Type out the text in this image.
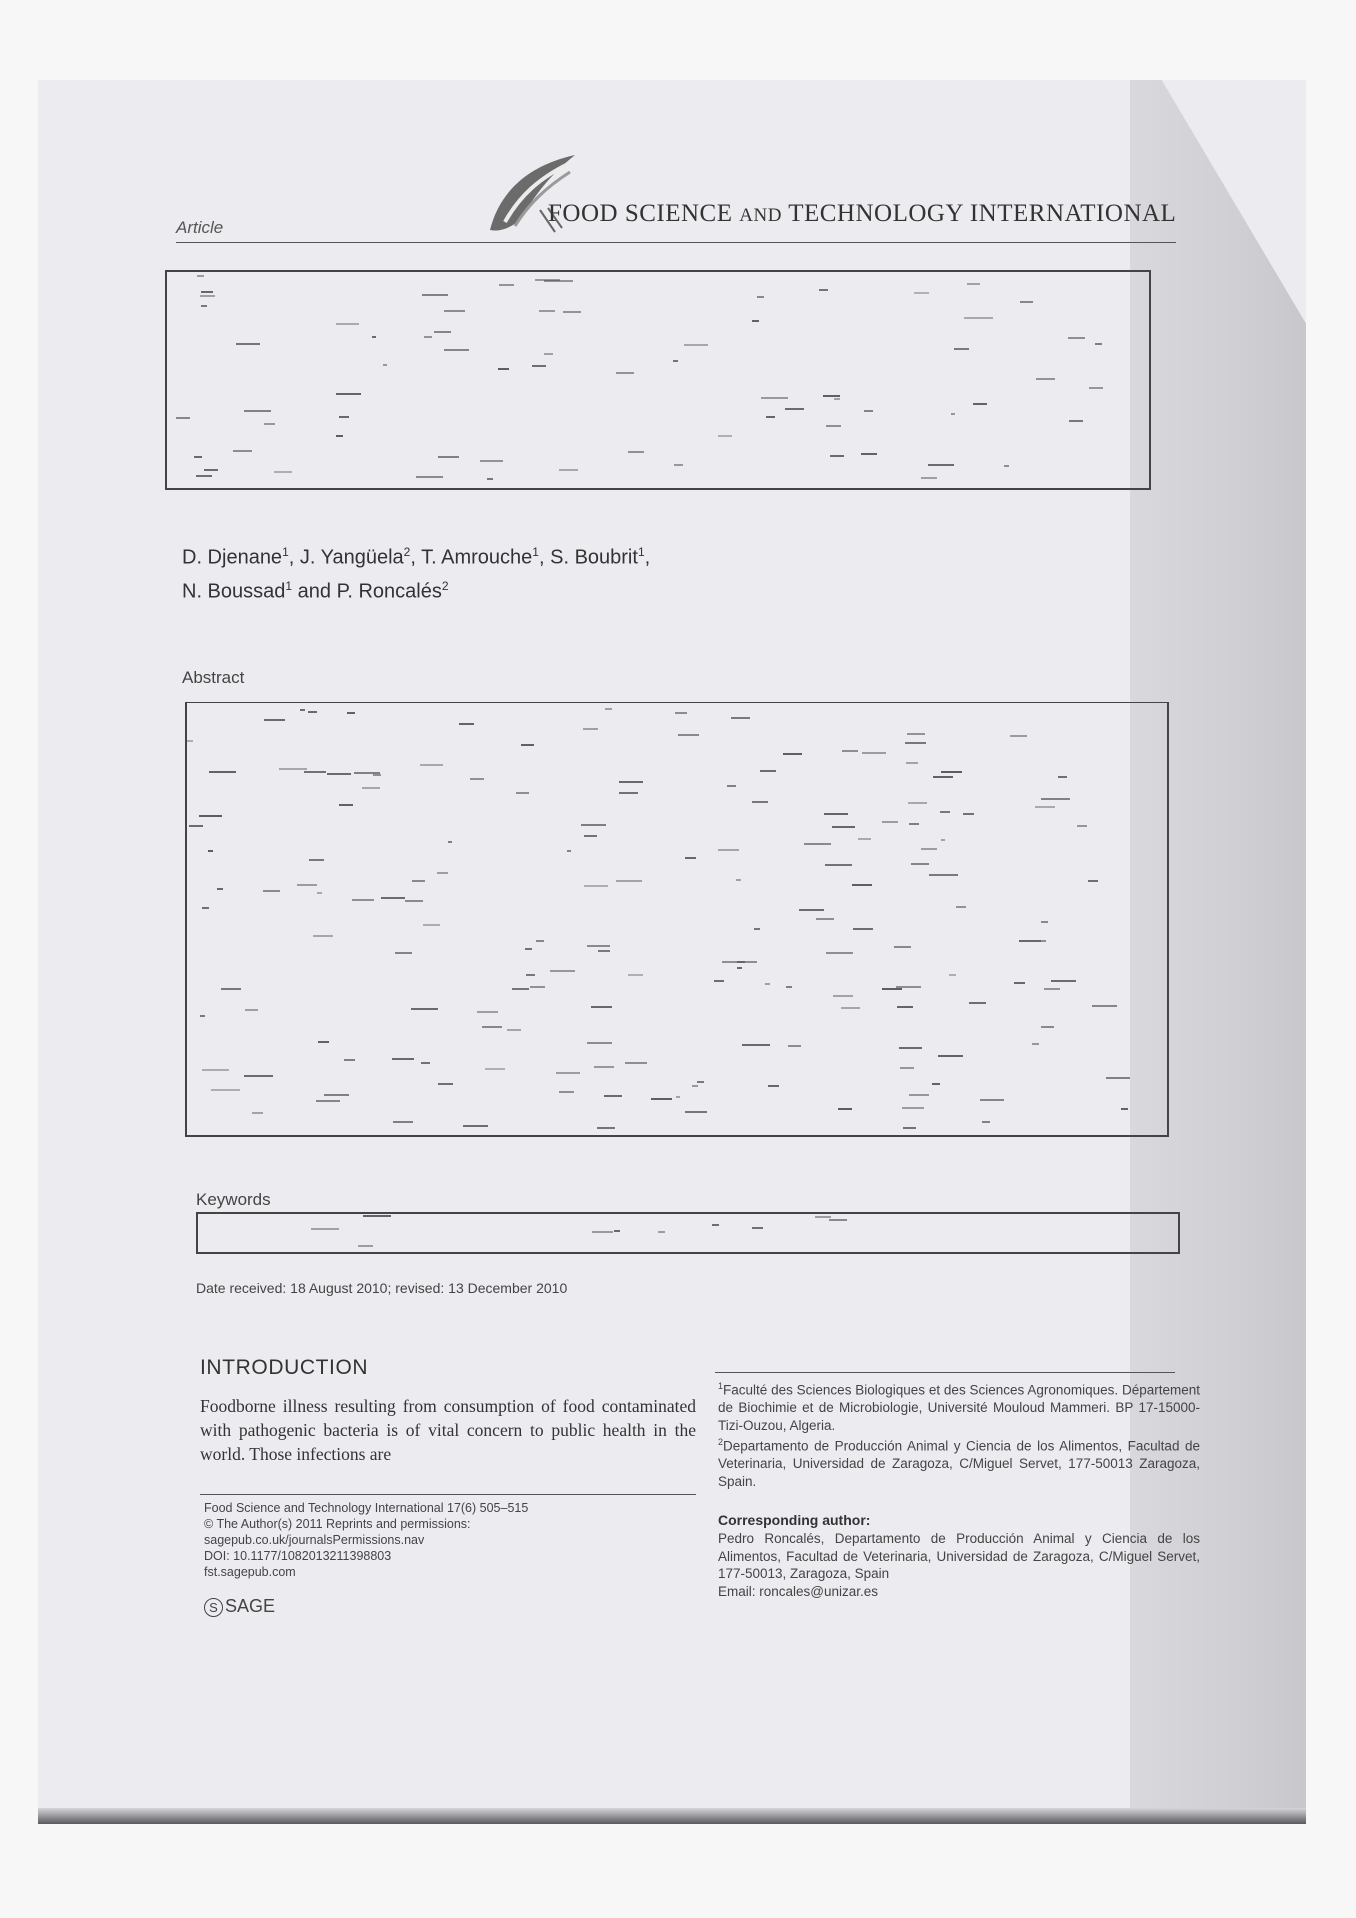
Article
FOOD SCIENCE AND TECHNOLOGY INTERNATIONAL
D. Djenane$^1$, J. Yangüela$^2$, T. Amrouche$^1$, S. Boubrit$^1$,
N. Boussad$^1$ and P. Roncalés$^2$
Abstract
Keywords
Date received: 18 August 2010; revised: 13 December 2010
INTRODUCTION
Foodborne illness resulting from consumption of food contaminated with pathogenic bacteria is of vital concern to public health in the world. Those infections are
Food Science and Technology International 17(6) 505–515
© The Author(s) 2011 Reprints and permissions:
sagepub.co.uk/journalsPermissions.nav
DOI: 10.1177/1082013211398803
fst.sagepub.com
S SAGE

$^1$Faculté des Sciences Biologiques et des Sciences Agronomiques. Département de Biochimie et de Microbiologie, Université Mouloud Mammeri. BP 17-15000-Tizi-Ouzou, Algeria.

$^2$Departamento de Producción Animal y Ciencia de los Alimentos, Facultad de Veterinaria, Universidad de Zaragoza, C/Miguel Servet, 177-50013 Zaragoza, Spain.

Corresponding author:
Pedro Roncalés, Departamento de Producción Animal y Ciencia de los Alimentos, Facultad de Veterinaria, Universidad de Zaragoza, C/Miguel Servet, 177-50013, Zaragoza, Spain
Email: roncales@unizar.es
